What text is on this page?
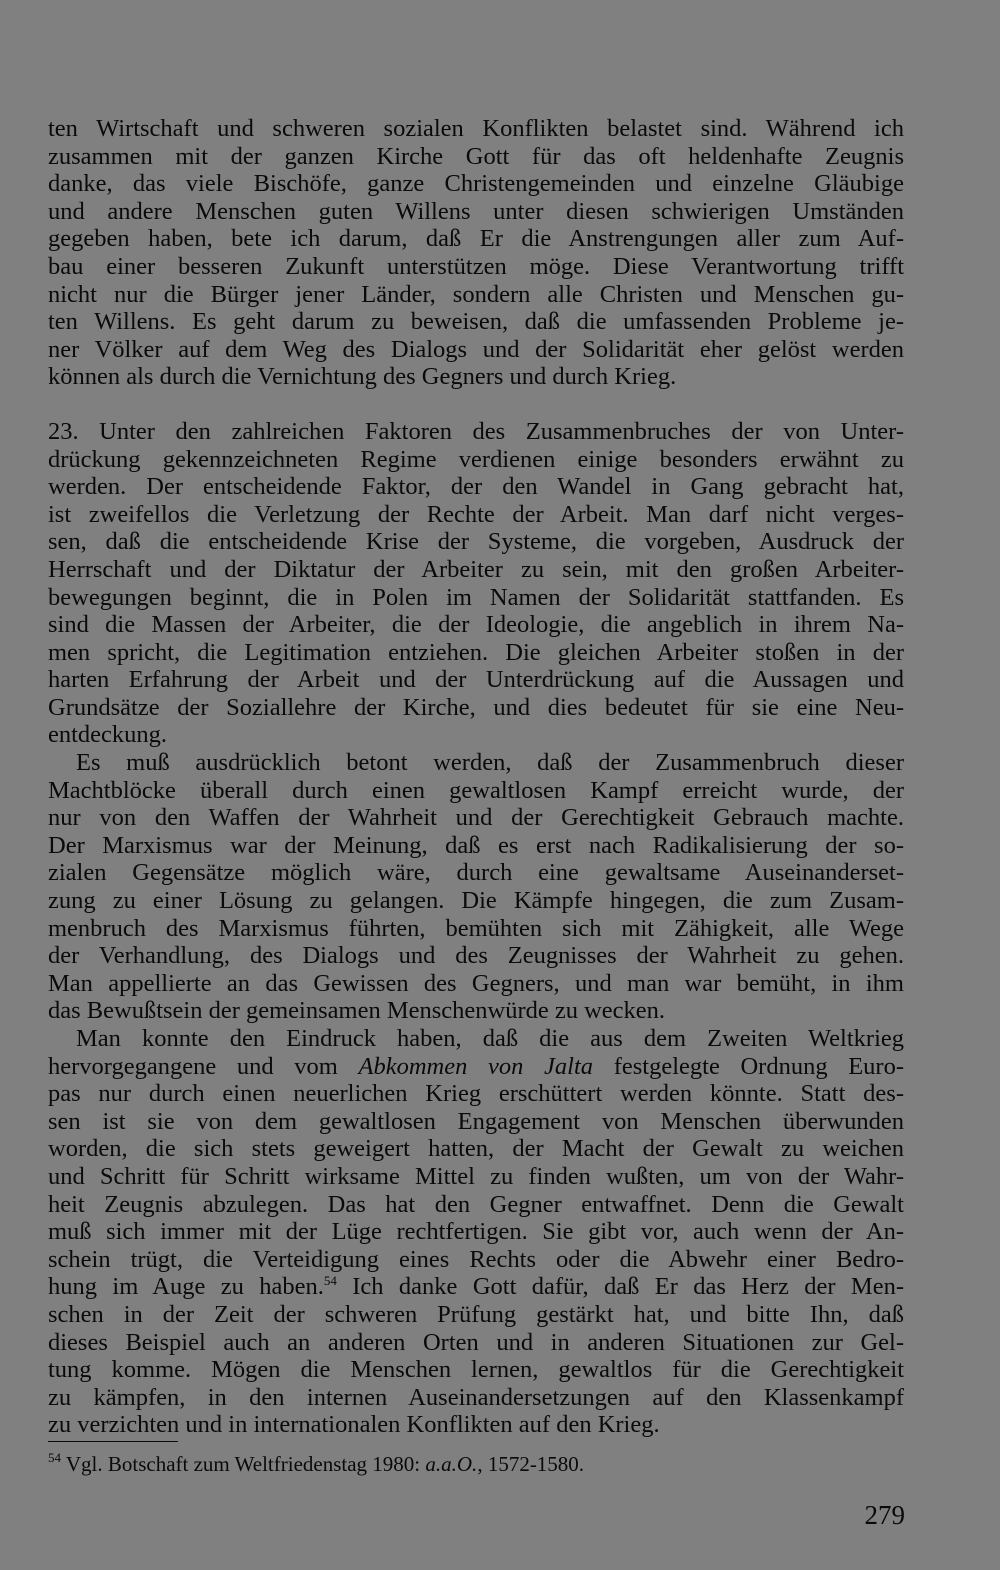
ten Wirtschaft und schweren sozialen Konflikten belastet sind. Während ich
zusammen mit der ganzen Kirche Gott für das oft heldenhafte Zeugnis
danke, das viele Bischöfe, ganze Christengemeinden und einzelne Gläubige
und andere Menschen guten Willens unter diesen schwierigen Umständen
gegeben haben, bete ich darum, daß Er die Anstrengungen aller zum Auf-
bau einer besseren Zukunft unterstützen möge. Diese Verantwortung trifft
nicht nur die Bürger jener Länder, sondern alle Christen und Menschen gu-
ten Willens. Es geht darum zu beweisen, daß die umfassenden Probleme je-
ner Völker auf dem Weg des Dialogs und der Solidarität eher gelöst werden
können als durch die Vernichtung des Gegners und durch Krieg.
23. Unter den zahlreichen Faktoren des Zusammenbruches der von Unter-
drückung gekennzeichneten Regime verdienen einige besonders erwähnt zu
werden. Der entscheidende Faktor, der den Wandel in Gang gebracht hat,
ist zweifellos die Verletzung der Rechte der Arbeit. Man darf nicht verges-
sen, daß die entscheidende Krise der Systeme, die vorgeben, Ausdruck der
Herrschaft und der Diktatur der Arbeiter zu sein, mit den großen Arbeiter-
bewegungen beginnt, die in Polen im Namen der Solidarität stattfanden. Es
sind die Massen der Arbeiter, die der Ideologie, die angeblich in ihrem Na-
men spricht, die Legitimation entziehen. Die gleichen Arbeiter stoßen in der
harten Erfahrung der Arbeit und der Unterdrückung auf die Aussagen und
Grundsätze der Soziallehre der Kirche, und dies bedeutet für sie eine Neu-
entdeckung.
Es muß ausdrücklich betont werden, daß der Zusammenbruch dieser
Machtblöcke überall durch einen gewaltlosen Kampf erreicht wurde, der
nur von den Waffen der Wahrheit und der Gerechtigkeit Gebrauch machte.
Der Marxismus war der Meinung, daß es erst nach Radikalisierung der so-
zialen Gegensätze möglich wäre, durch eine gewaltsame Auseinanderset-
zung zu einer Lösung zu gelangen. Die Kämpfe hingegen, die zum Zusam-
menbruch des Marxismus führten, bemühten sich mit Zähigkeit, alle Wege
der Verhandlung, des Dialogs und des Zeugnisses der Wahrheit zu gehen.
Man appellierte an das Gewissen des Gegners, und man war bemüht, in ihm
das Bewußtsein der gemeinsamen Menschenwürde zu wecken.
Man konnte den Eindruck haben, daß die aus dem Zweiten Weltkrieg
hervorgegangene und vom Abkommen von Jalta festgelegte Ordnung Euro-
pas nur durch einen neuerlichen Krieg erschüttert werden könnte. Statt des-
sen ist sie von dem gewaltlosen Engagement von Menschen überwunden
worden, die sich stets geweigert hatten, der Macht der Gewalt zu weichen
und Schritt für Schritt wirksame Mittel zu finden wußten, um von der Wahr-
heit Zeugnis abzulegen. Das hat den Gegner entwaffnet. Denn die Gewalt
muß sich immer mit der Lüge rechtfertigen. Sie gibt vor, auch wenn der An-
schein trügt, die Verteidigung eines Rechts oder die Abwehr einer Bedro-
hung im Auge zu haben.$^{54}$ Ich danke Gott dafür, daß Er das Herz der Men-
schen in der Zeit der schweren Prüfung gestärkt hat, und bitte Ihn, daß
dieses Beispiel auch an anderen Orten und in anderen Situationen zur Gel-
tung komme. Mögen die Menschen lernen, gewaltlos für die Gerechtigkeit
zu kämpfen, in den internen Auseinandersetzungen auf den Klassenkampf
zu verzichten und in internationalen Konflikten auf den Krieg.
$^{54}$ Vgl. Botschaft zum Weltfriedenstag 1980: a.a.O., 1572-1580.
279
